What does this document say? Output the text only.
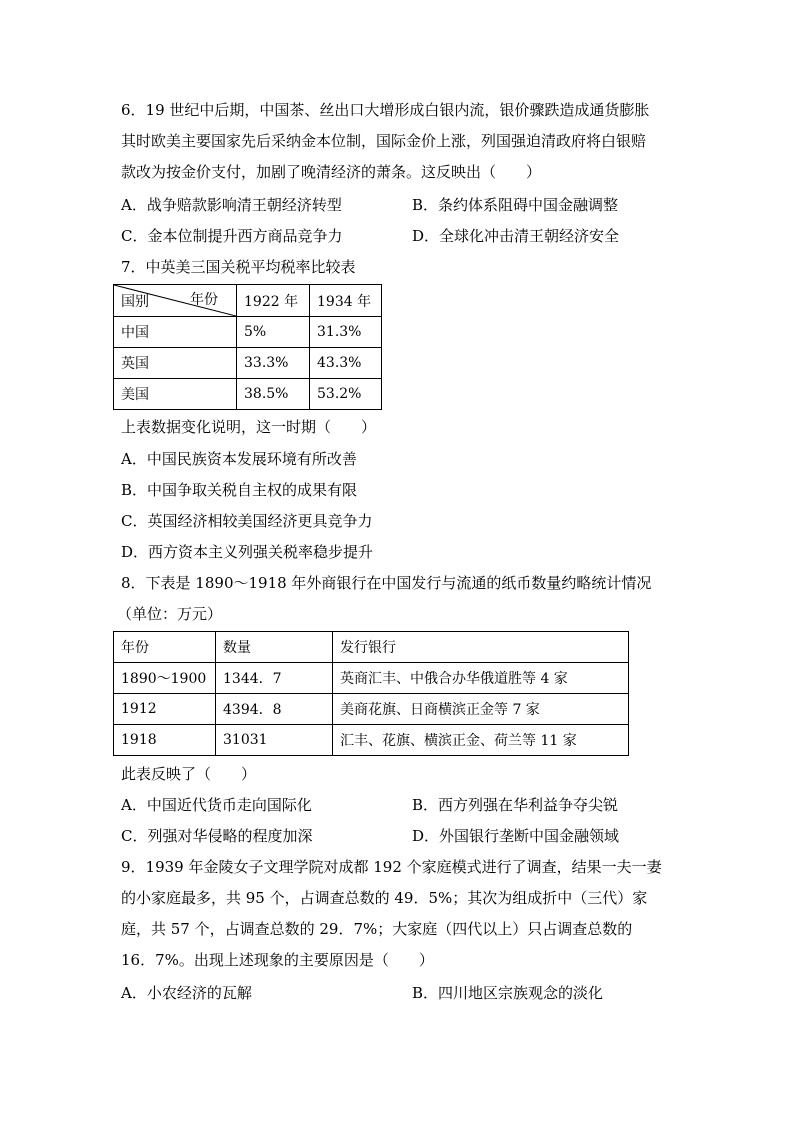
6．19 世纪中后期，中国茶、丝出口大增形成白银内流，银价骤跌造成通货膨胀
其时欧美主要国家先后采纳金本位制，国际金价上涨，列国强迫清政府将白银赔
款改为按金价支付，加剧了晚清经济的萧条。这反映出（　　）
A．战争赔款影响清王朝经济转型	B．条约体系阻碍中国金融调整
C．金本位制提升西方商品竞争力	D．全球化冲击清王朝经济安全
7．中英美三国关税平均税率比较表
国别 年份	1922 年	1934 年
中国	5%	31.3%
英国	33.3%	43.3%
美国	38.5%	53.2%
上表数据变化说明，这一时期（　　）
A．中国民族资本发展环境有所改善
B．中国争取关税自主权的成果有限
C．英国经济相较美国经济更具竞争力
D．西方资本主义列强关税率稳步提升
8．下表是 1890～1918 年外商银行在中国发行与流通的纸币数量约略统计情况
（单位：万元）
年份	数量	发行银行
1890～1900	1344．7	英商汇丰、中俄合办华俄道胜等 4 家
1912	4394．8	美商花旗、日商横滨正金等 7 家
1918	31031	汇丰、花旗、横滨正金、荷兰等 11 家
此表反映了（　　）
A．中国近代货币走向国际化	B．西方列强在华利益争夺尖锐
C．列强对华侵略的程度加深	D．外国银行垄断中国金融领域
9．1939 年金陵女子文理学院对成都 192 个家庭模式进行了调查，结果一夫一妻
的小家庭最多，共 95 个，占调查总数的 49．5%；其次为组成折中（三代）家
庭，共 57 个，占调查总数的 29．7%；大家庭（四代以上）只占调查总数的
16．7%。出现上述现象的主要原因是（　　）
A．小农经济的瓦解	B．四川地区宗族观念的淡化
